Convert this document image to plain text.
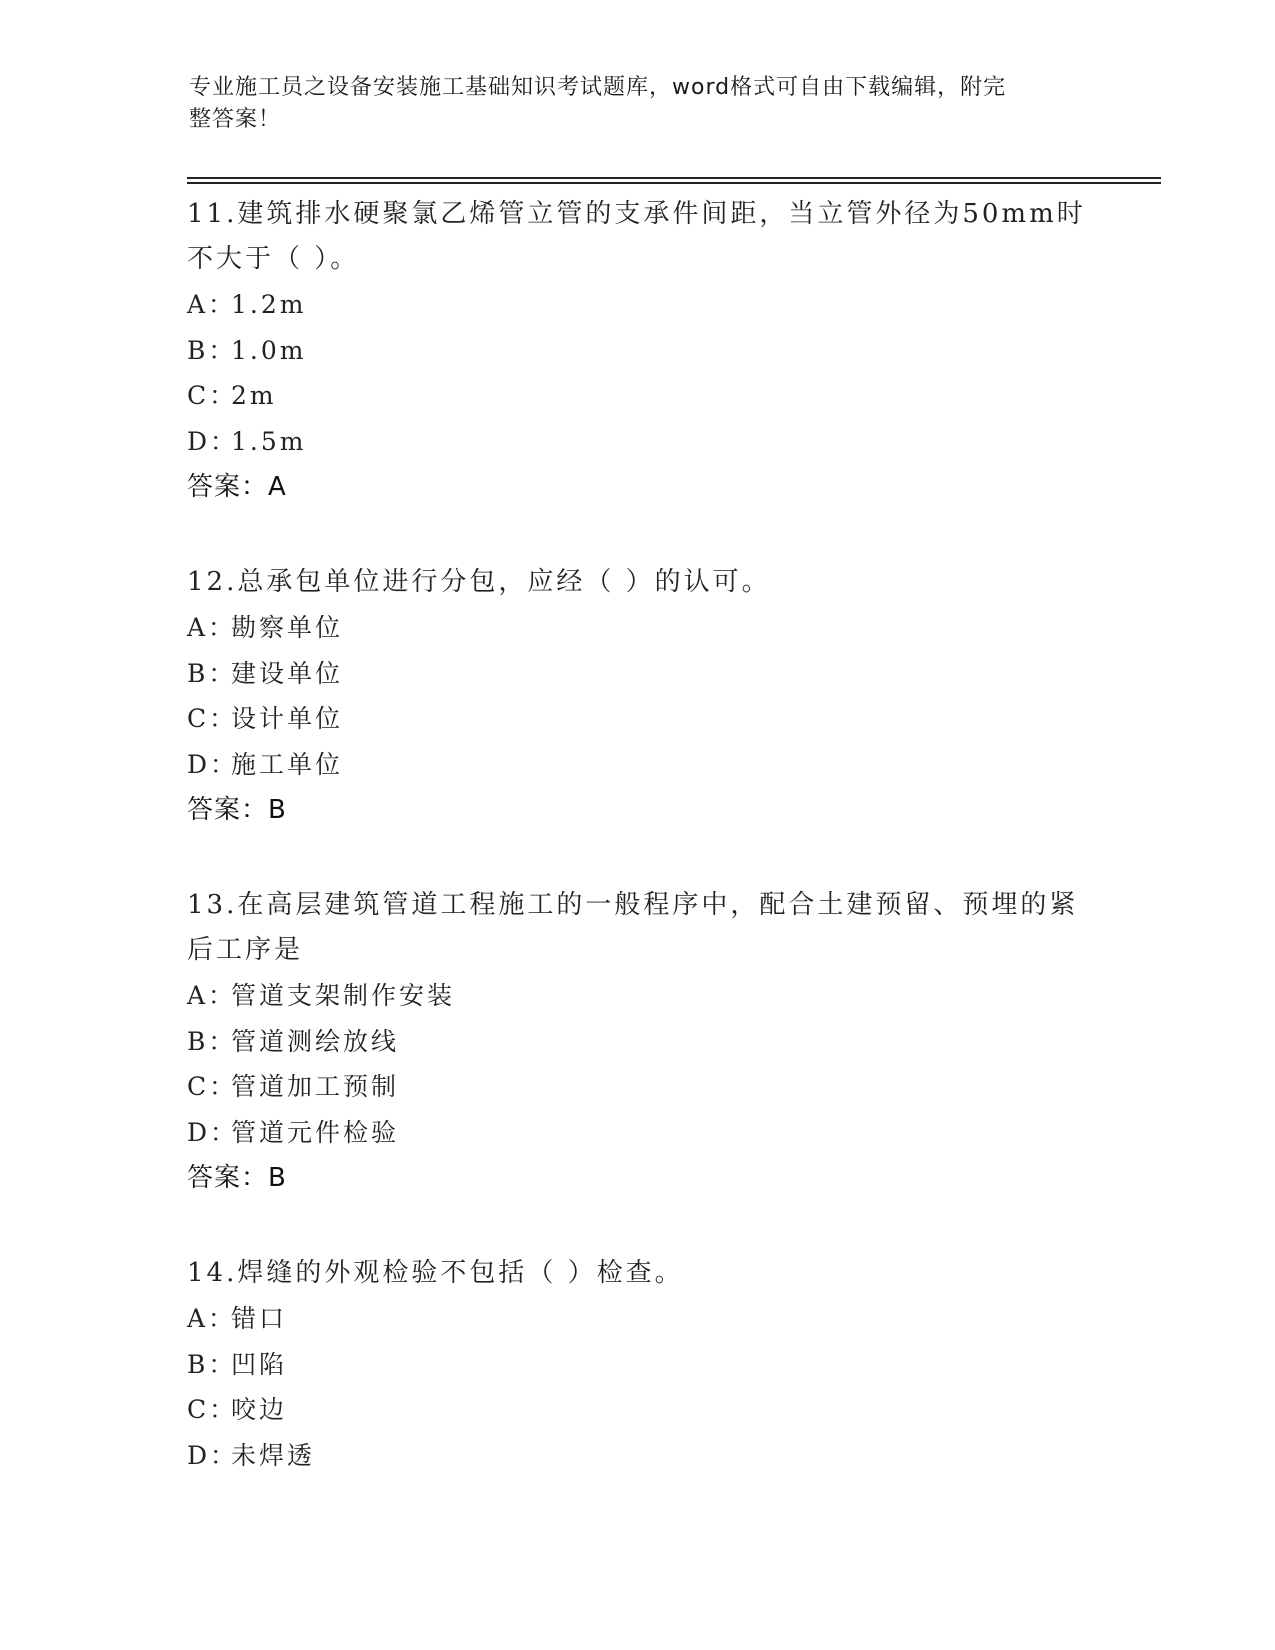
专业施工员之设备安装施工基础知识考试题库，word格式可自由下载编辑，附完
整答案！
11.建筑排水硬聚氯乙烯管立管的支承件间距，当立管外径为50mm时
不大于（ ）。
A：
1.2m
B：
1.0m
C：
2m
D：
1.5m
答案：A
12.总承包单位进行分包，应经（ ）的认可。
A：
勘察单位
B：
建设单位
C：
设计单位
D：
施工单位
答案：B
13.在高层建筑管道工程施工的一般程序中，配合土建预留、预埋的紧
后工序是
A：
管道支架制作安装
B：
管道测绘放线
C：
管道加工预制
D：
管道元件检验
答案：B
14.焊缝的外观检验不包括（ ）检查。
A：
错口
B：
凹陷
C：
咬边
D：
未焊透
